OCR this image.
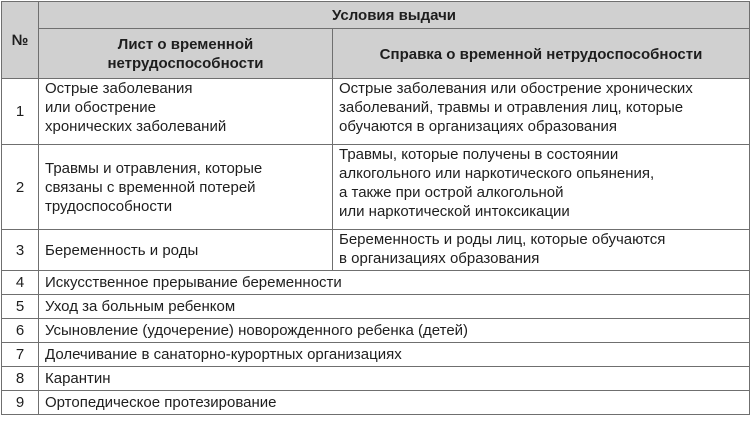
№	Условия выдачи	
	Лист о временной
нетрудоспособности	Справка о временной нетрудоспособности
1	Острые заболевания
или обострение
хронических заболеваний	Острые заболевания или обострение хронических
заболеваний, травмы и отравления лиц, которые
обучаются в организациях образования
2	Травмы и отравления, которые
связаны с временной потерей
трудоспособности	Травмы, которые получены в состоянии
алкогольного или наркотического опьянения,
а также при острой алкогольной
или наркотической интоксикации
3	Беременность и роды	Беременность и роды лиц, которые обучаются
в организациях образования
4	Искусственное прерывание беременности	
5	Уход за больным ребенком	
6	Усыновление (удочерение) новорожденного ребенка (детей)	
7	Долечивание в санаторно-курортных организациях	
8	Карантин	
9	Ортопедическое протезирование	
